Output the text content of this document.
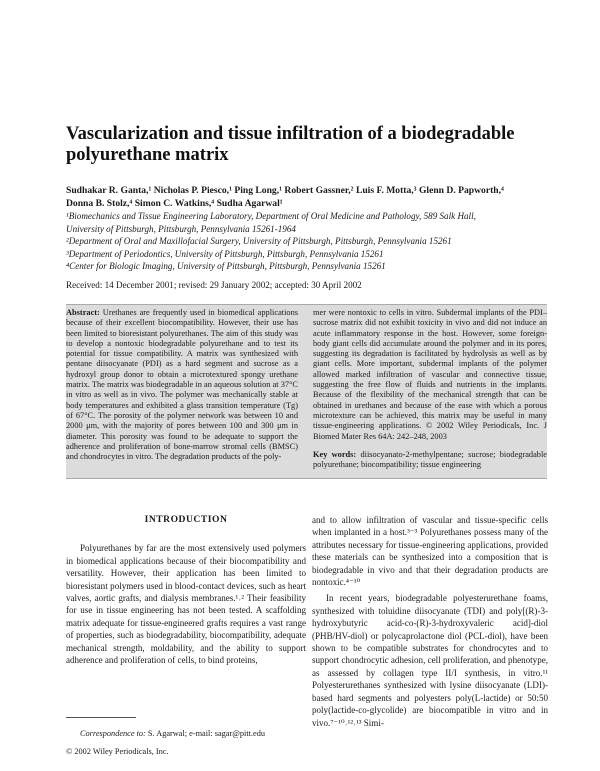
Vascularization and tissue infiltration of a biodegradable
polyurethane matrix
Sudhakar R. Ganta,¹ Nicholas P. Piesco,¹ Ping Long,¹ Robert Gassner,² Luis F. Motta,³ Glenn D. Papworth,⁴
Donna B. Stolz,⁴ Simon C. Watkins,⁴ Sudha Agarwal¹
¹Biomechanics and Tissue Engineering Laboratory, Department of Oral Medicine and Pathology, 589 Salk Hall,
University of Pittsburgh, Pittsburgh, Pennsylvania 15261-1964
²Department of Oral and Maxillofacial Surgery, University of Pittsburgh, Pittsburgh, Pennsylvania 15261
³Department of Periodontics, University of Pittsburgh, Pittsburgh, Pennsylvania 15261
⁴Center for Biologic Imaging, University of Pittsburgh, Pittsburgh, Pennsylvania 15261
Received: 14 December 2001; revised: 29 January 2002; accepted: 30 April 2002
Abstract: Urethanes are frequently used in biomedical applications because of their excellent biocompatibility. However, their use has been limited to bioresistant polyurethanes. The aim of this study was to develop a nontoxic biodegradable polyurethane and to test its potential for tissue compatibility. A matrix was synthesized with pentane diisocyanate (PDI) as a hard segment and sucrose as a hydroxyl group donor to obtain a microtextured spongy urethane matrix. The matrix was biodegradable in an aqueous solution at 37°C in vitro as well as in vivo. The polymer was mechanically stable at body temperatures and exhibited a glass transition temperature (Tg) of 67°C. The porosity of the polymer network was between 10 and 2000 μm, with the majority of pores between 100 and 300 μm in diameter. This porosity was found to be adequate to support the adherence and proliferation of bone-marrow stromal cells (BMSC) and chondrocytes in vitro. The degradation products of the poly-
mer were nontoxic to cells in vitro. Subdermal implants of the PDI–sucrose matrix did not exhibit toxicity in vivo and did not induce an acute inflammatory response in the host. However, some foreign-body giant cells did accumulate around the polymer and in its pores, suggesting its degradation is facilitated by hydrolysis as well as by giant cells. More important, subdermal implants of the polymer allowed marked infiltration of vascular and connective tissue, suggesting the free flow of fluids and nutrients in the implants. Because of the flexibility of the mechanical strength that can be obtained in urethanes and because of the ease with which a porous microtexture can be achieved, this matrix may be useful in many tissue-engineering applications. © 2002 Wiley Periodicals, Inc. J Biomed Mater Res 64A: 242–248, 2003
Key words: diisocyanato-2-methylpentane; sucrose; biodegradable polyurethane; biocompatibility; tissue engineering
INTRODUCTION

Polyurethanes by far are the most extensively used polymers in biomedical applications because of their biocompatibility and versatility. However, their application has been limited to bioresistant polymers used in blood-contact devices, such as heart valves, aortic grafts, and dialysis membranes.¹˒² Their feasibility for use in tissue engineering has not been tested. A scaffolding matrix adequate for tissue-engineered grafts requires a vast range of properties, such as biodegradability, biocompatibility, adequate mechanical strength, moldability, and the ability to support adherence and proliferation of cells, to bind proteins,

and to allow infiltration of vascular and tissue-specific cells when implanted in a host.³⁻³ Polyurethanes possess many of the attributes necessary for tissue-engineering applications, provided these materials can be synthesized into a composition that is biodegradable in vivo and that their degradation products are nontoxic.⁴⁻¹⁰

In recent years, biodegradable polyesterurethane foams, synthesized with toluidine diisocyanate (TDI) and poly[(R)-3-hydroxybutyric acid-co-(R)-3-hydroxyvaleric acid]-diol (PHB/HV-diol) or polycaprolactone diol (PCL-diol), have been shown to be compatible substrates for chondrocytes and to support chondrocytic adhesion, cell proliferation, and phenotype, as assessed by collagen type II/I synthesis, in vitro.¹¹ Polyesterurethanes synthesized with lysine diisocyanate (LDI)-based hard segments and polyesters poly(L-lactide) or 50:50 poly(lactide-co-glycolide) are biocompatible in vitro and in vivo.⁷⁻¹⁰˒¹²˒¹³ Simi-

Correspondence to: S. Agarwal; e-mail: sagar@pitt.edu
© 2002 Wiley Periodicals, Inc.
